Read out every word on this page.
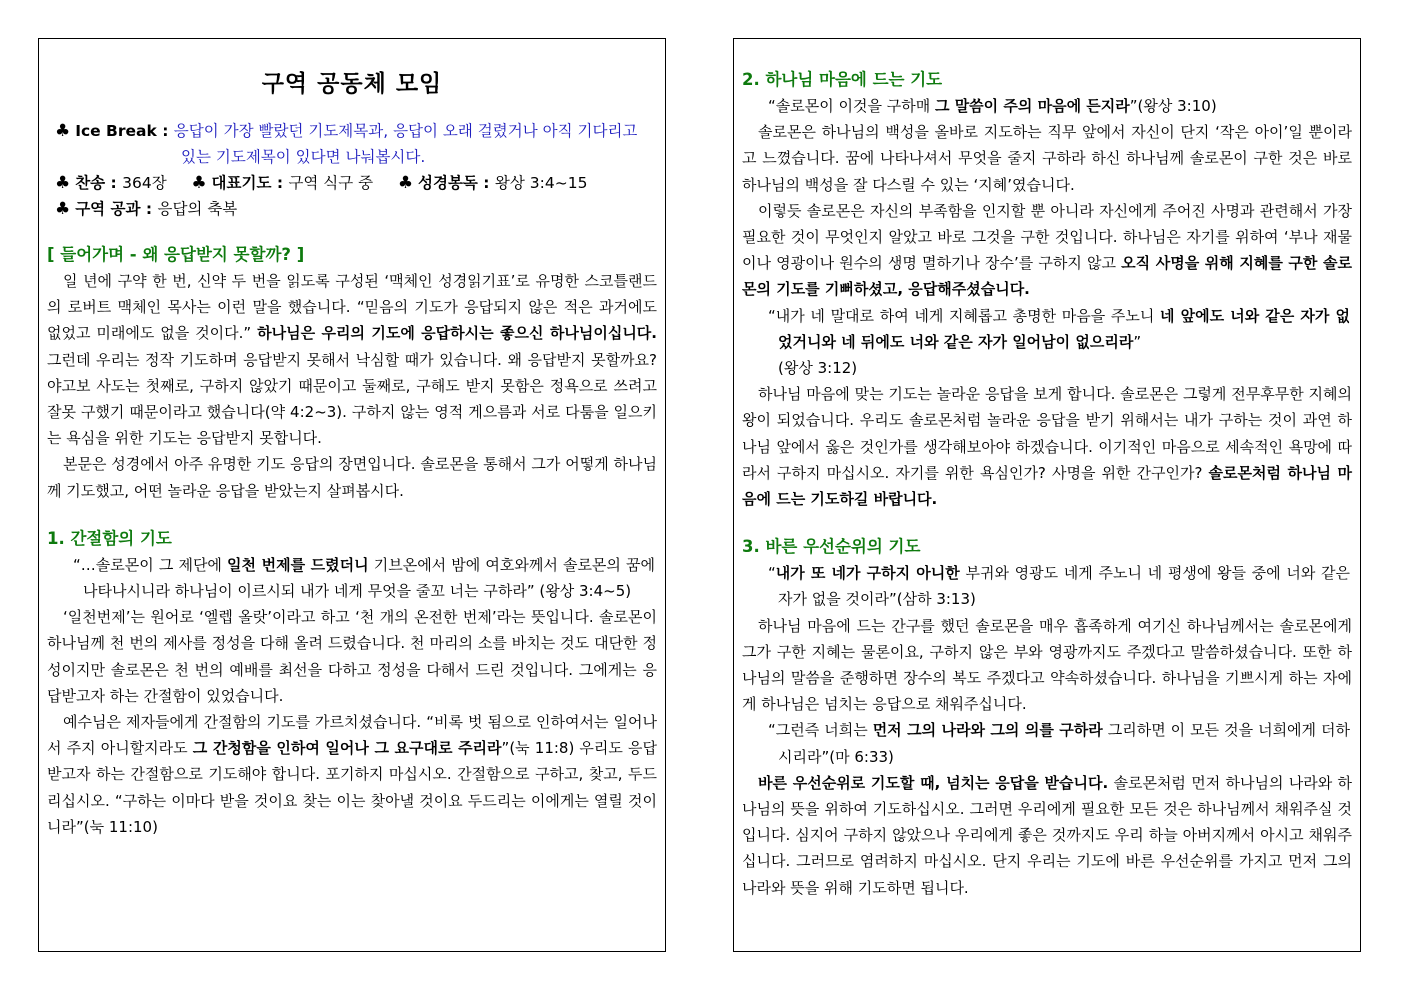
구역 공동체 모임
♣ Ice Break : 응답이 가장 빨랐던 기도제목과, 응답이 오래 걸렸거나 아직 기다리고 있는 기도제목이 있다면 나눠봅시다.
♣ 찬송 : 364장 ♣ 대표기도 : 구역 식구 중 ♣ 성경봉독 : 왕상 3:4~15
♣ 구역 공과 : 응답의 축복
[ 들어가며 - 왜 응답받지 못할까? ]

일 년에 구약 한 번, 신약 두 번을 읽도록 구성된 ‘맥체인 성경읽기표’로 유명한 스코틀랜드의 로버트 맥체인 목사는 이런 말을 했습니다. “믿음의 기도가 응답되지 않은 적은 과거에도 없었고 미래에도 없을 것이다.” 하나님은 우리의 기도에 응답하시는 좋으신 하나님이십니다. 그런데 우리는 정작 기도하며 응답받지 못해서 낙심할 때가 있습니다. 왜 응답받지 못할까요? 야고보 사도는 첫째로, 구하지 않았기 때문이고 둘째로, 구해도 받지 못함은 정욕으로 쓰려고 잘못 구했기 때문이라고 했습니다(약 4:2~3). 구하지 않는 영적 게으름과 서로 다툼을 일으키는 욕심을 위한 기도는 응답받지 못합니다.

본문은 성경에서 아주 유명한 기도 응답의 장면입니다. 솔로몬을 통해서 그가 어떻게 하나님께 기도했고, 어떤 놀라운 응답을 받았는지 살펴봅시다.

1. 간절함의 기도

“…솔로몬이 그 제단에 일천 번제를 드렸더니 기브온에서 밤에 여호와께서 솔로몬의 꿈에 나타나시니라 하나님이 이르시되 내가 네게 무엇을 줄꼬 너는 구하라” (왕상 3:4~5)

‘일천번제’는 원어로 ‘엘렙 올랏’이라고 하고 ‘천 개의 온전한 번제’라는 뜻입니다. 솔로몬이 하나님께 천 번의 제사를 정성을 다해 올려 드렸습니다. 천 마리의 소를 바치는 것도 대단한 정성이지만 솔로몬은 천 번의 예배를 최선을 다하고 정성을 다해서 드린 것입니다. 그에게는 응답받고자 하는 간절함이 있었습니다.

예수님은 제자들에게 간절함의 기도를 가르치셨습니다. “비록 벗 됨으로 인하여서는 일어나서 주지 아니할지라도 그 간청함을 인하여 일어나 그 요구대로 주리라”(눅 11:8) 우리도 응답받고자 하는 간절함으로 기도해야 합니다. 포기하지 마십시오. 간절함으로 구하고, 찾고, 두드리십시오. “구하는 이마다 받을 것이요 찾는 이는 찾아낼 것이요 두드리는 이에게는 열릴 것이니라”(눅 11:10)

2. 하나님 마음에 드는 기도

“솔로몬이 이것을 구하매 그 말씀이 주의 마음에 든지라”(왕상 3:10)

솔로몬은 하나님의 백성을 올바로 지도하는 직무 앞에서 자신이 단지 ‘작은 아이’일 뿐이라고 느꼈습니다. 꿈에 나타나셔서 무엇을 줄지 구하라 하신 하나님께 솔로몬이 구한 것은 바로 하나님의 백성을 잘 다스릴 수 있는 ‘지혜’였습니다.

이렇듯 솔로몬은 자신의 부족함을 인지할 뿐 아니라 자신에게 주어진 사명과 관련해서 가장 필요한 것이 무엇인지 알았고 바로 그것을 구한 것입니다. 하나님은 자기를 위하여 ‘부나 재물이나 영광이나 원수의 생명 멸하기나 장수’를 구하지 않고 오직 사명을 위해 지혜를 구한 솔로몬의 기도를 기뻐하셨고, 응답해주셨습니다.

“내가 네 말대로 하여 네게 지혜롭고 총명한 마음을 주노니 네 앞에도 너와 같은 자가 없었거니와 네 뒤에도 너와 같은 자가 일어남이 없으리라”

(왕상 3:12)

하나님 마음에 맞는 기도는 놀라운 응답을 보게 합니다. 솔로몬은 그렇게 전무후무한 지혜의 왕이 되었습니다. 우리도 솔로몬처럼 놀라운 응답을 받기 위해서는 내가 구하는 것이 과연 하나님 앞에서 옳은 것인가를 생각해보아야 하겠습니다. 이기적인 마음으로 세속적인 욕망에 따라서 구하지 마십시오. 자기를 위한 욕심인가? 사명을 위한 간구인가? 솔로몬처럼 하나님 마음에 드는 기도하길 바랍니다.

3. 바른 우선순위의 기도

“내가 또 네가 구하지 아니한 부귀와 영광도 네게 주노니 네 평생에 왕들 중에 너와 같은 자가 없을 것이라”(삼하 3:13)

하나님 마음에 드는 간구를 했던 솔로몬을 매우 흡족하게 여기신 하나님께서는 솔로몬에게 그가 구한 지혜는 물론이요, 구하지 않은 부와 영광까지도 주겠다고 말씀하셨습니다. 또한 하나님의 말씀을 준행하면 장수의 복도 주겠다고 약속하셨습니다. 하나님을 기쁘시게 하는 자에게 하나님은 넘치는 응답으로 채워주십니다.

“그런즉 너희는 먼저 그의 나라와 그의 의를 구하라 그리하면 이 모든 것을 너희에게 더하시리라”(마 6:33)

바른 우선순위로 기도할 때, 넘치는 응답을 받습니다. 솔로몬처럼 먼저 하나님의 나라와 하나님의 뜻을 위하여 기도하십시오. 그러면 우리에게 필요한 모든 것은 하나님께서 채워주실 것입니다. 심지어 구하지 않았으나 우리에게 좋은 것까지도 우리 하늘 아버지께서 아시고 채워주십니다. 그러므로 염려하지 마십시오. 단지 우리는 기도에 바른 우선순위를 가지고 먼저 그의 나라와 뜻을 위해 기도하면 됩니다.
